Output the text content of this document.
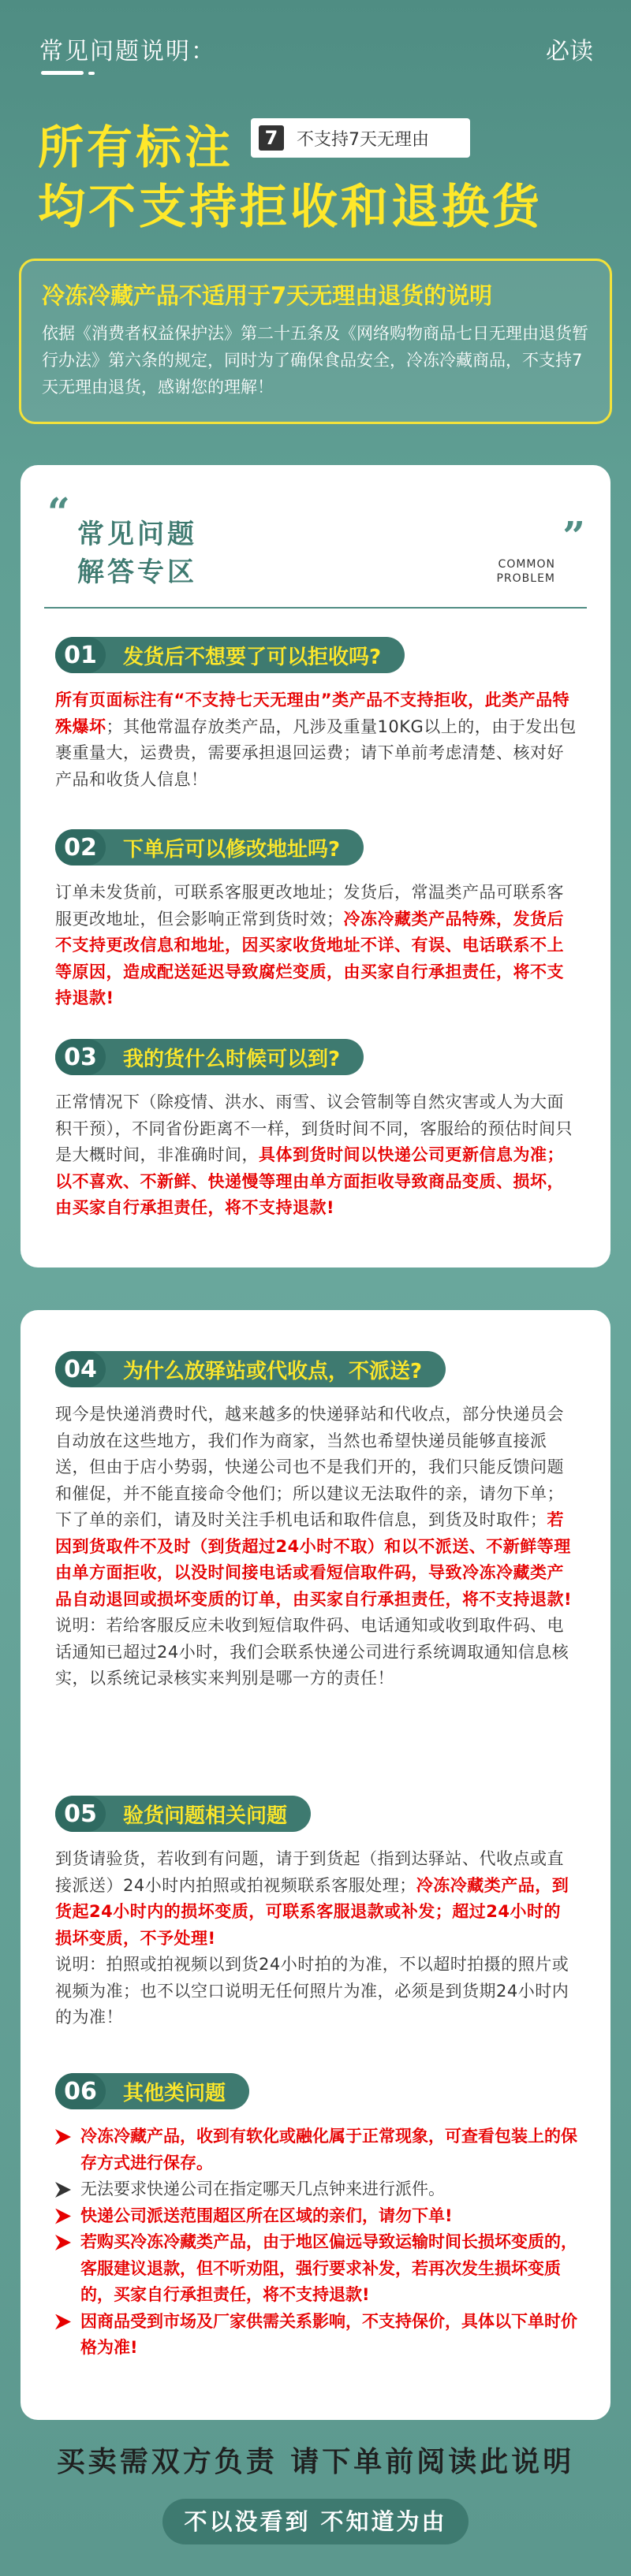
常见问题说明：	必读
所有标注	7	不支持7天无理由
均不支持拒收和退换货
冷冻冷藏产品不适用于7天无理由退货的说明
依据《消费者权益保护法》第二十五条及《网络购物商品七日无理由退货暂行办法》第六条的规定，同时为了确保食品安全，冷冻冷藏商品，不支持7天无理由退货，感谢您的理解！
“ 常见问题
解答专区	COMMON
PROBLEM
”
01	发货后不想要了可以拒收吗?
所有页面标注有“不支持七天无理由”类产品不支持拒收，此类产品特殊爆坏；其他常温存放类产品，凡涉及重量10KG以上的，由于发出包裹重量大，运费贵，需要承担退回运费；请下单前考虑清楚、核对好产品和收货人信息！
02	下单后可以修改地址吗?
订单未发货前，可联系客服更改地址；发货后，常温类产品可联系客服更改地址，但会影响正常到货时效；冷冻冷藏类产品特殊，发货后不支持更改信息和地址，因买家收货地址不详、有误、电话联系不上等原因，造成配送延迟导致腐烂变质，由买家自行承担责任，将不支持退款!
03	我的货什么时候可以到?
正常情况下（除疫情、洪水、雨雪、议会管制等自然灾害或人为大面积干预），不同省份距离不一样，到货时间不同，客服给的预估时间只是大概时间，非准确时间，具体到货时间以快递公司更新信息为准；以不喜欢、不新鲜、快递慢等理由单方面拒收导致商品变质、损坏，由买家自行承担责任，将不支持退款!
04	为什么放驿站或代收点，不派送?
现今是快递消费时代，越来越多的快递驿站和代收点，部分快递员会自动放在这些地方，我们作为商家，当然也希望快递员能够直接派送，但由于店小势弱，快递公司也不是我们开的，我们只能反馈问题和催促，并不能直接命令他们；所以建议无法取件的亲，请勿下单；下了单的亲们，请及时关注手机电话和取件信息，到货及时取件；若因到货取件不及时（到货超过24小时不取）和以不派送、不新鲜等理由单方面拒收，以没时间接电话或看短信取件码，导致冷冻冷藏类产品自动退回或损坏变质的订单，由买家自行承担责任，将不支持退款!
说明：若给客服反应未收到短信取件码、电话通知或收到取件码、电话通知已超过24小时，我们会联系快递公司进行系统调取通知信息核实，以系统记录核实来判别是哪一方的责任！
05	验货问题相关问题
到货请验货，若收到有问题，请于到货起（指到达驿站、代收点或直接派送）24小时内拍照或拍视频联系客服处理；冷冻冷藏类产品，到货起24小时内的损坏变质，可联系客服退款或补发；超过24小时的损坏变质，不予处理!
说明：拍照或拍视频以到货24小时拍的为准，不以超时拍摄的照片或视频为准；也不以空口说明无任何照片为准，必须是到货期24小时内的为准！
06	其他类问题
冷冻冷藏产品，收到有软化或融化属于正常现象，可查看包装上的保存方式进行保存。
无法要求快递公司在指定哪天几点钟来进行派件。
快递公司派送范围超区所在区域的亲们，请勿下单!
若购买冷冻冷藏类产品，由于地区偏远导致运输时间长损坏变质的，客服建议退款，但不听劝阻，强行要求补发，若再次发生损坏变质的，买家自行承担责任，将不支持退款!
因商品受到市场及厂家供需关系影响，不支持保价，具体以下单时价格为准!
买卖需双方负责 请下单前阅读此说明
不以没看到 不知道为由
